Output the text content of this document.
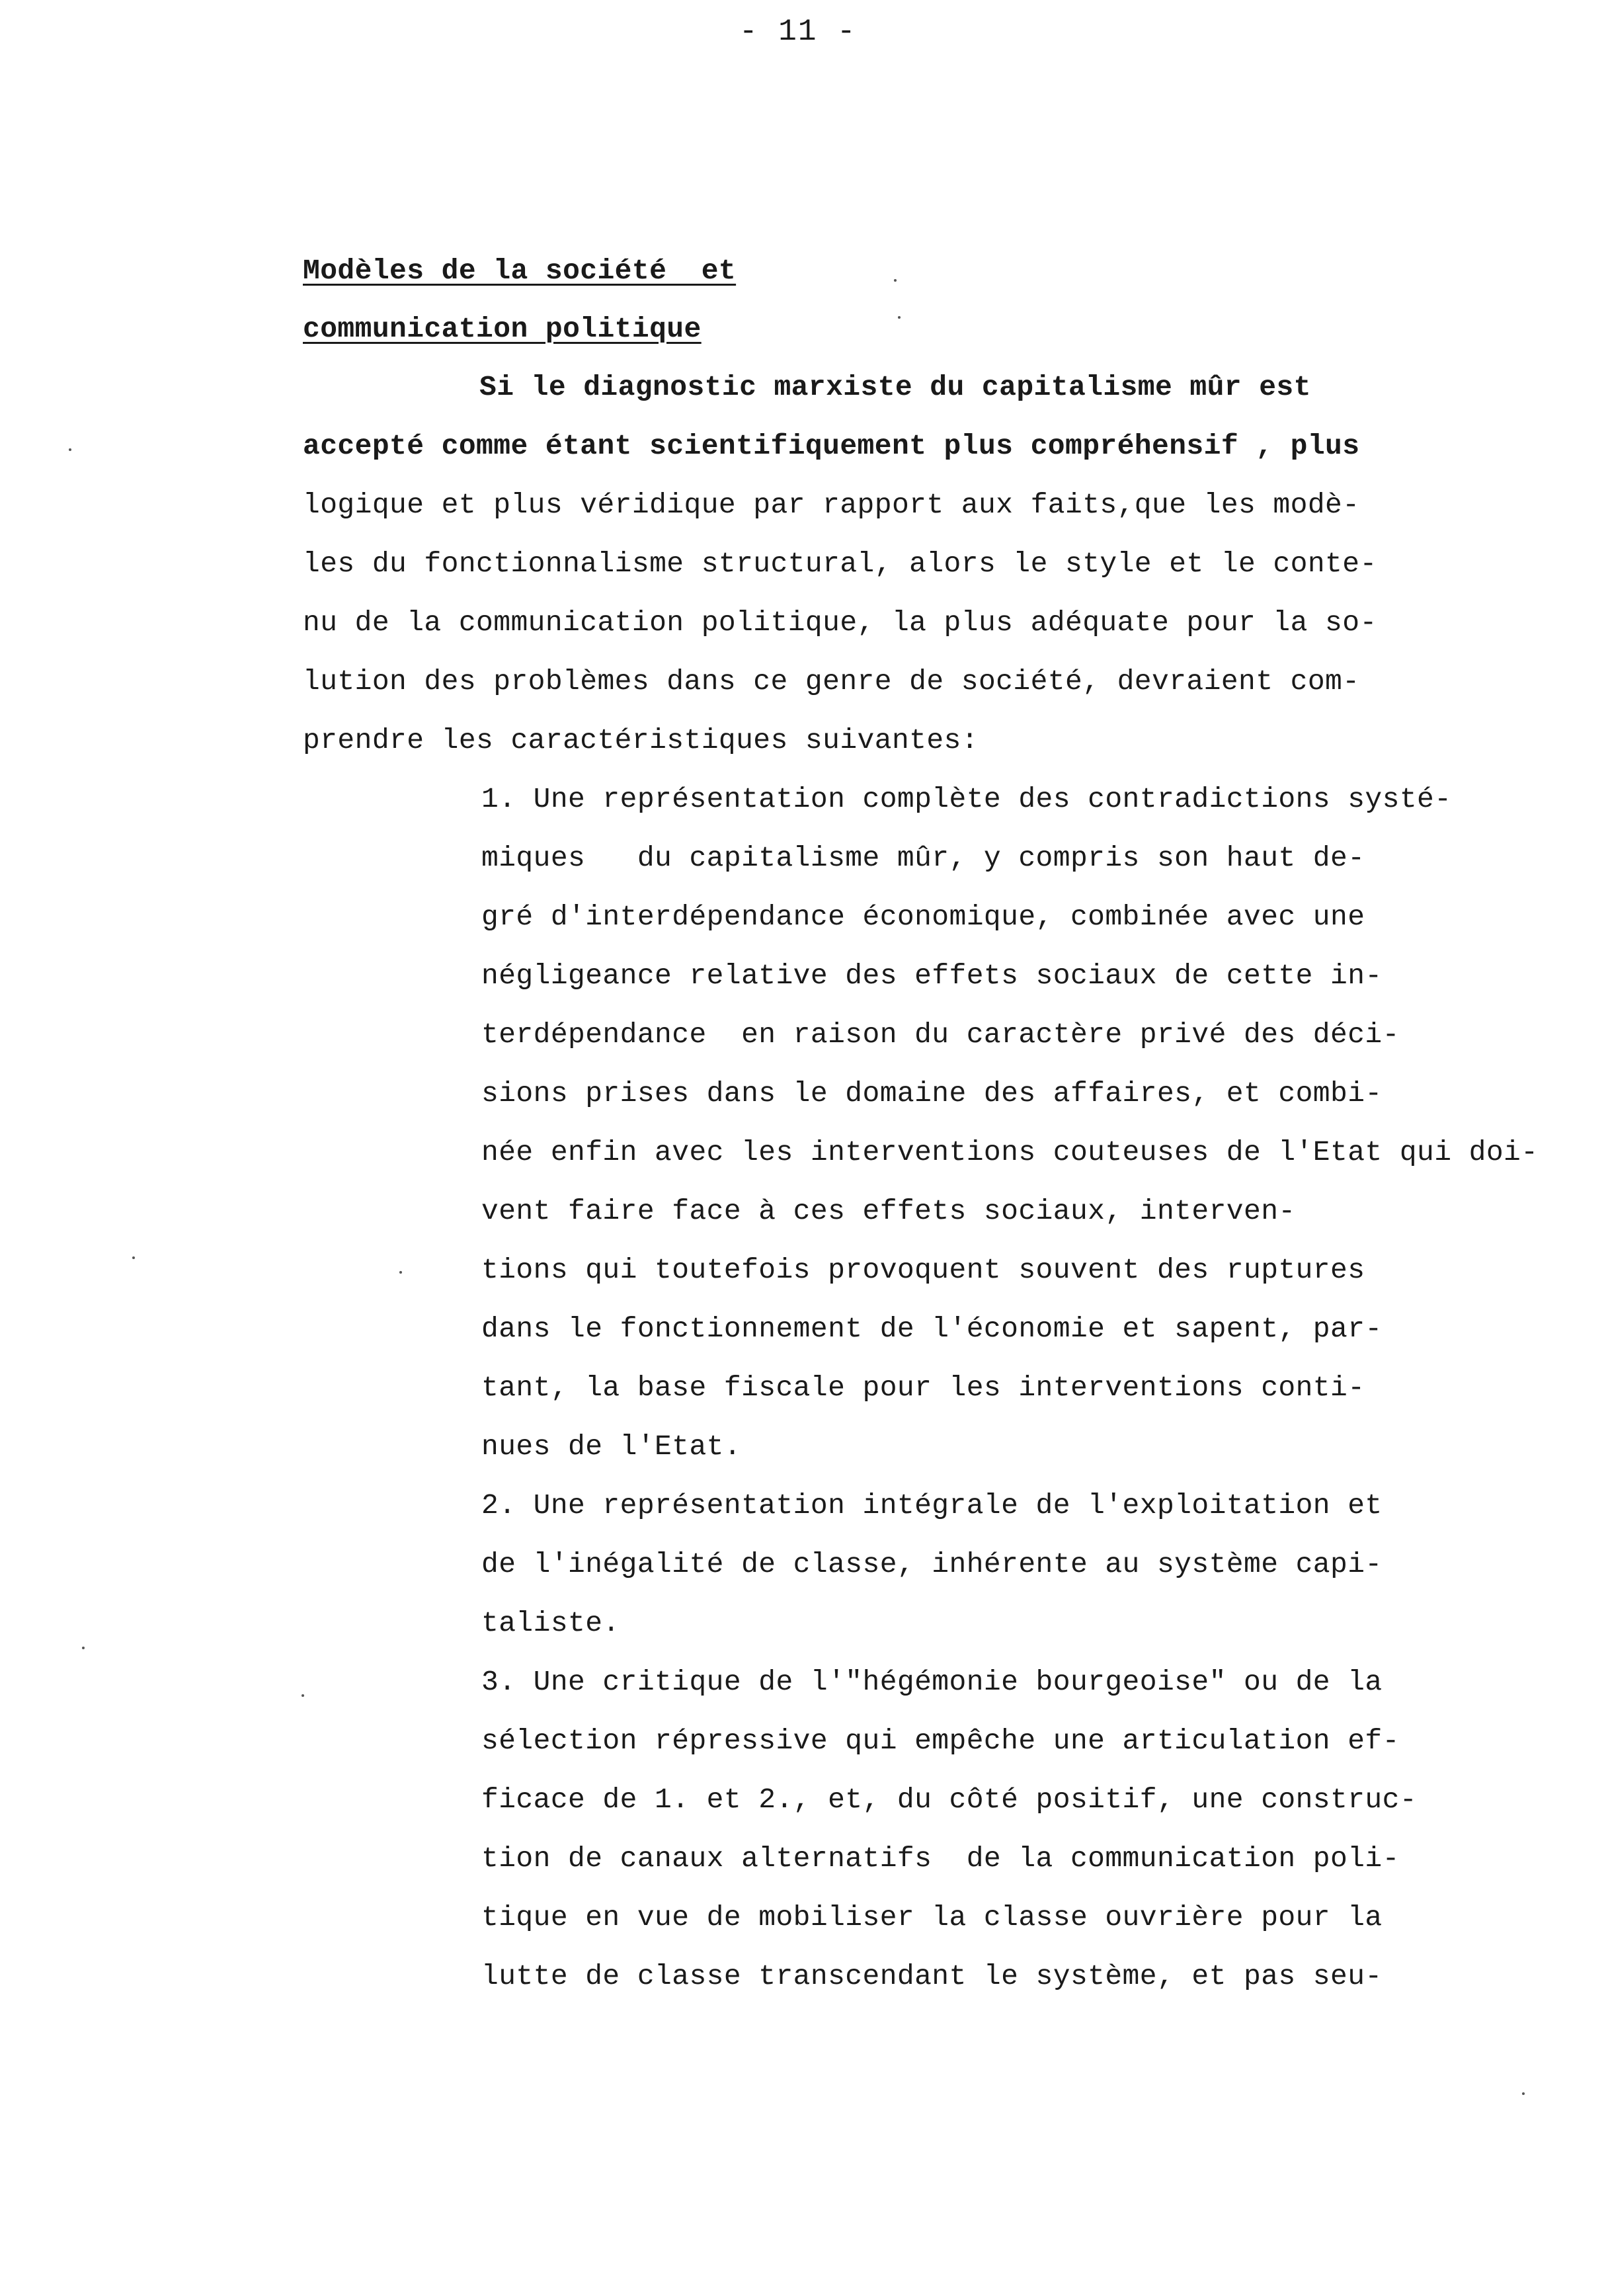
- 11 -
Modèles de la société  et
communication politique
Si le diagnostic marxiste du capitalisme mûr est
accepté comme étant scientifiquement plus compréhensif , plus
logique et plus véridique par rapport aux faits,que les modè-
les du fonctionnalisme structural, alors le style et le conte-
nu de la communication politique, la plus adéquate pour la so-
lution des problèmes dans ce genre de société, devraient com-
prendre les caractéristiques suivantes:
1. Une représentation complète des contradictions systé-
miques   du capitalisme mûr, y compris son haut de-
gré d'interdépendance économique, combinée avec une
négligeance relative des effets sociaux de cette in-
terdépendance  en raison du caractère privé des déci-
sions prises dans le domaine des affaires, et combi-
née enfin avec les interventions couteuses de l'Etat qui doi-
vent faire face à ces effets sociaux, interven-
tions qui toutefois provoquent souvent des ruptures
dans le fonctionnement de l'économie et sapent, par-
tant, la base fiscale pour les interventions conti-
nues de l'Etat.
2. Une représentation intégrale de l'exploitation et
de l'inégalité de classe, inhérente au système capi-
taliste.
3. Une critique de l'"hégémonie bourgeoise" ou de la
sélection répressive qui empêche une articulation ef-
ficace de 1. et 2., et, du côté positif, une construc-
tion de canaux alternatifs  de la communication poli-
tique en vue de mobiliser la classe ouvrière pour la
lutte de classe transcendant le système, et pas seu-
